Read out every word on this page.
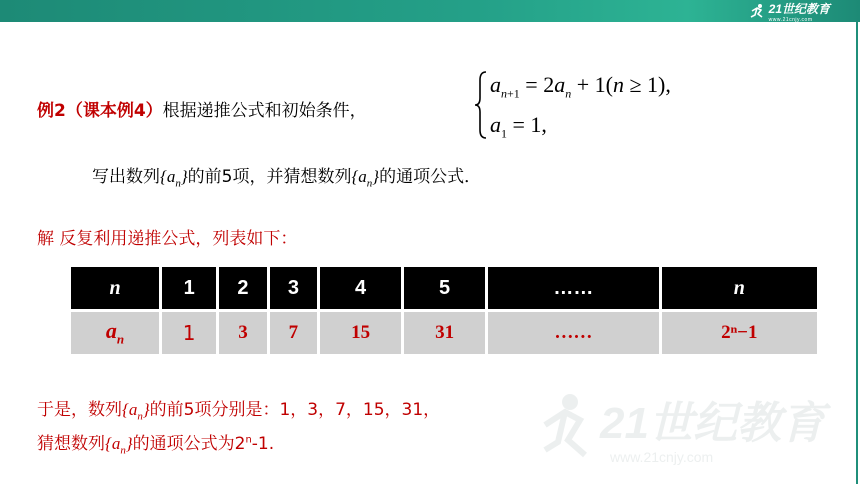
21世纪教育
www.21cnjy.com
例2（课本例4）根据递推公式和初始条件，
$a_{n+1} = 2a_n + 1(n \ge 1)$,
$a_1 = 1$,
写出数列$\{a_n\}$的前5项，并猜想数列$\{a_n\}$的通项公式．
解 反复利用递推公式，列表如下：
n	1	2	3	4	5	……	n
$a_n$	1	3	7	15	31	……	2ⁿ−1
于是，数列$\{a_n\}$的前5项分别是：1，3，7，15，31，
猜想数列$\{a_n\}$的通项公式为2$^n$-1.	21世纪教育
www.21cnjy.com
